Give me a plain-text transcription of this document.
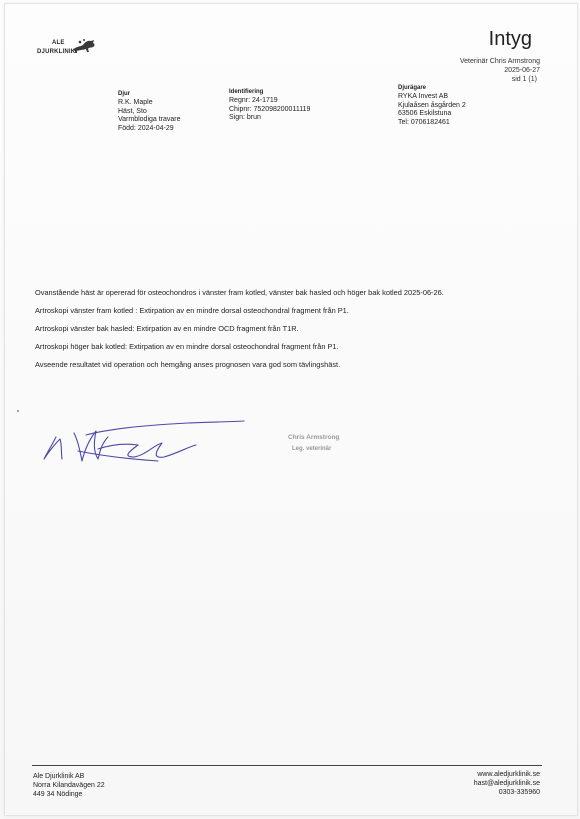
ALE
DJURKLINIK
Intyg
Veterinär Chris Armstrong
2025-06-27
sid 1 (1)
Djur
R.K. Maple
Häst, Sto
Varmblodiga travare
Född: 2024-04-29
Identifiering
Regnr: 24-1719
Chipnr: 752098200011119
Sign: brun
Djurägare
RYKA Invest AB
Kjulaåsen åsgården 2
63506 Eskilstuna
Tel: 0706182461

Ovanstående häst är opererad för osteochondros i vänster fram kotled, vänster bak hasled och höger bak kotled 2025-06-26.

Artroskopi vänster fram kotled : Extirpation av en mindre dorsal osteochondral fragment från P1.

Artroskopi vänster bak hasled: Extirpation av en mindre OCD fragment från T1R.

Artroskopi höger bak kotled: Extirpation av en mindre dorsal osteochondral fragment från P1.

Avseende resultatet vid operation och hemgång anses prognosen vara god som tävlingshäst.

Chris Armstrong
Leg. veterinär
Ale Djurklinik AB
Norra Kilandavägen 22
449 34 Nödinge
www.aledjurklinik.se
hast@aledjurklinik.se
0303-335960
